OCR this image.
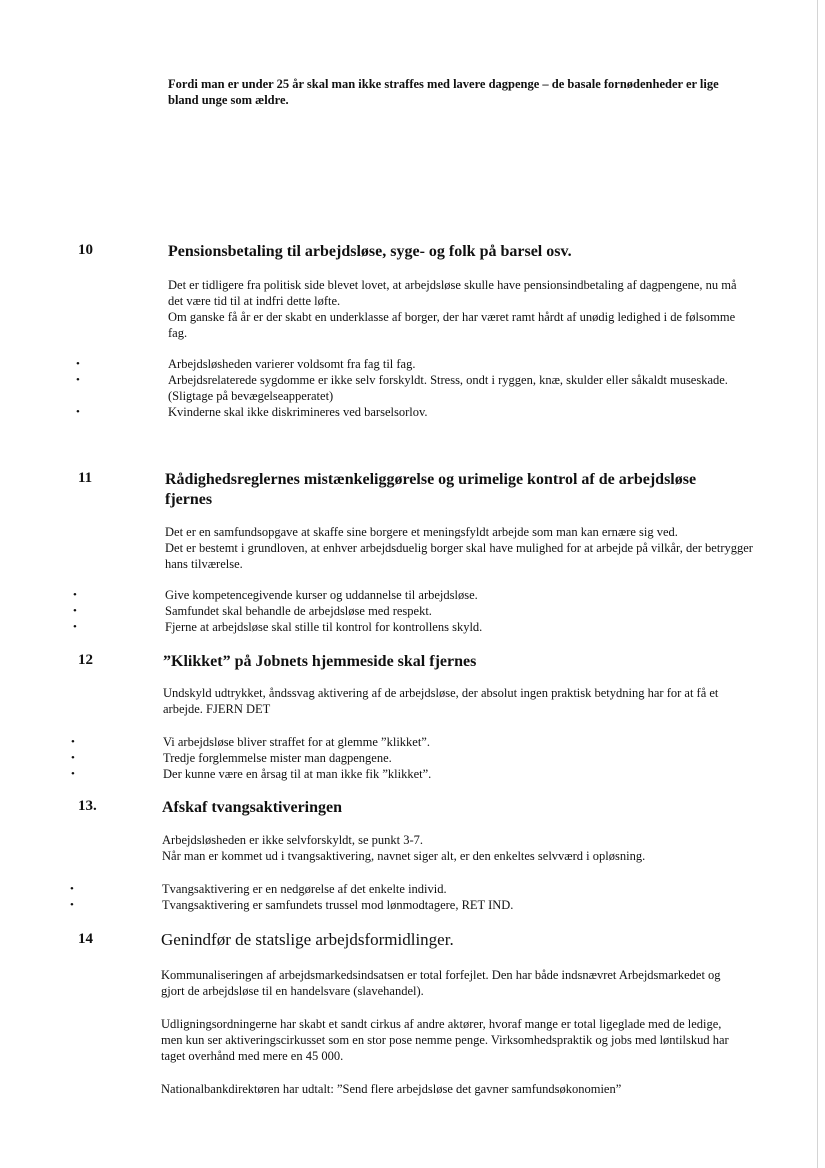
Fordi man er under 25 år skal man ikke straffes med lavere dagpenge – de basale fornødenheder er lige bland unge som ældre.
10	Pensionsbetaling til arbejdsløse, syge- og folk på barsel osv.
Det er tidligere fra politisk side blevet lovet, at arbejdsløse skulle have pensionsindbetaling af dagpengene, nu må det være tid til at indfri dette løfte.
Om ganske få år er der skabt en underklasse af borger, der har været ramt hårdt af unødig ledighed i de følsomme fag.
•	Arbejdsløsheden varierer voldsomt fra fag til fag.
•	Arbejdsrelaterede sygdomme er ikke selv forskyldt. Stress, ondt i ryggen, knæ, skulder eller såkaldt museskade. (Sligtage på bevægelseapperatet)
•	Kvinderne skal ikke diskrimineres ved barselsorlov.
11	Rådighedsreglernes mistænkeliggørelse og urimelige kontrol af de arbejdsløse fjernes
Det er en samfundsopgave at skaffe sine borgere et meningsfyldt arbejde som man kan ernære sig ved.
Det er bestemt i grundloven, at enhver arbejdsduelig borger skal have mulighed for at arbejde på vilkår, der betrygger hans tilværelse.
•	Give kompetencegivende kurser og uddannelse til arbejdsløse.
•	Samfundet skal behandle de arbejdsløse med respekt.
•	Fjerne at arbejdsløse skal stille til kontrol for kontrollens skyld.
12	”Klikket” på Jobnets hjemmeside skal fjernes
Undskyld udtrykket, åndssvag aktivering af de arbejdsløse, der absolut ingen praktisk betydning har for at få et arbejde. FJERN DET
•	Vi arbejdsløse bliver straffet for at glemme ”klikket”.
•	Tredje forglemmelse mister man dagpengene.
•	Der kunne være en årsag til at man ikke fik ”klikket”.
13.	Afskaf tvangsaktiveringen
Arbejdsløsheden er ikke selvforskyldt, se punkt 3-7.
Når man er kommet ud i tvangsaktivering, navnet siger alt, er den enkeltes selvværd i opløsning.
•	Tvangsaktivering er en nedgørelse af det enkelte individ.
•	Tvangsaktivering er samfundets trussel mod lønmodtagere, RET IND.
14	Genindfør de statslige arbejdsformidlinger.
Kommunaliseringen af arbejdsmarkedsindsatsen er total forfejlet. Den har både indsnævret Arbejdsmarkedet og gjort de arbejdsløse til en handelsvare (slavehandel).
Udligningsordningerne har skabt et sandt cirkus af andre aktører, hvoraf mange er total ligeglade med de ledige, men kun ser aktiveringscirkusset som en stor pose nemme penge. Virksomhedspraktik og jobs med løntilskud har taget overhånd med mere en 45 000.
Nationalbankdirektøren har udtalt: ”Send flere arbejdsløse det gavner samfundsøkonomien”
